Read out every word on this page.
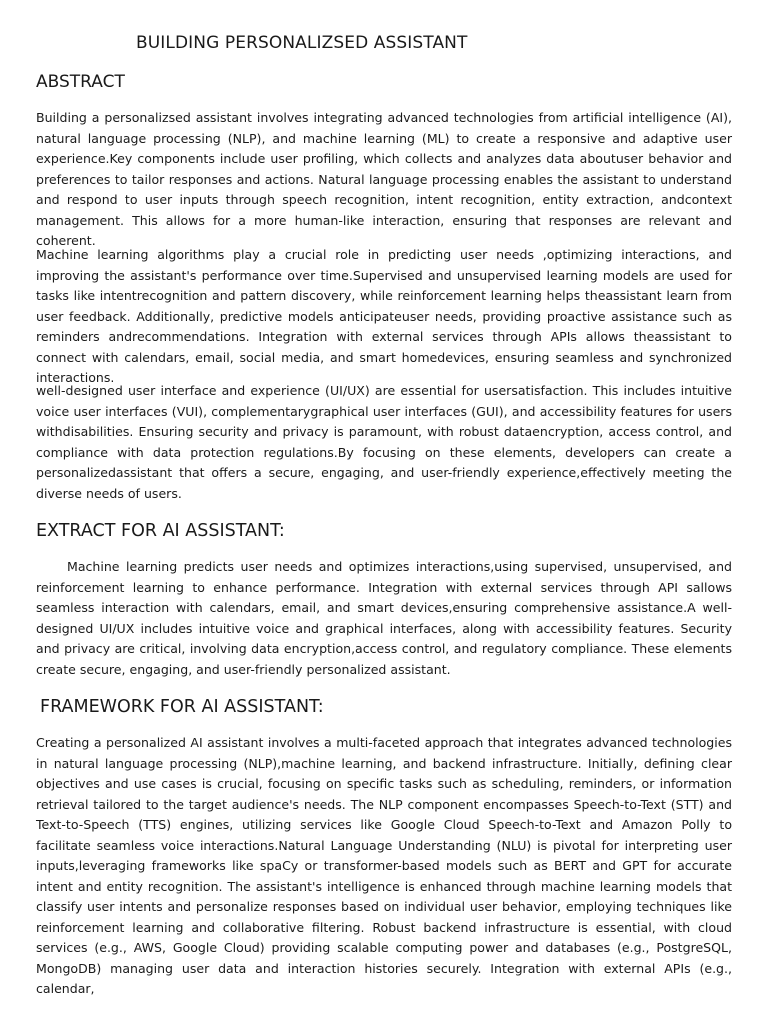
BUILDING PERSONALIZSED ASSISTANT
ABSTRACT

Building a personalizsed assistant involves integrating advanced technologies from artificial intelligence (AI), natural language processing (NLP), and machine learning (ML) to create a responsive and adaptive user experience.Key components include user profiling, which collects and analyzes data aboutuser behavior and preferences to tailor responses and actions. Natural language processing enables the assistant to understand and respond to user inputs through speech recognition, intent recognition, entity extraction, andcontext management. This allows for a more human-like interaction, ensuring that responses are relevant and coherent.

Machine learning algorithms play a crucial role in predicting user needs ,optimizing interactions, and improving the assistant's performance over time.Supervised and unsupervised learning models are used for tasks like intentrecognition and pattern discovery, while reinforcement learning helps theassistant learn from user feedback. Additionally, predictive models anticipateuser needs, providing proactive assistance such as reminders andrecommendations. Integration with external services through APIs allows theassistant to connect with calendars, email, social media, and smart homedevices, ensuring seamless and synchronized interactions.

well-designed user interface and experience (UI/UX) are essential for usersatisfaction. This includes intuitive voice user interfaces (VUI), complementarygraphical user interfaces (GUI), and accessibility features for users withdisabilities. Ensuring security and privacy is paramount, with robust dataencryption, access control, and compliance with data protection regulations.By focusing on these elements, developers can create a personalizedassistant that offers a secure, engaging, and user-friendly experience,effectively meeting the diverse needs of users.

EXTRACT FOR AI ASSISTANT:

Machine learning predicts user needs and optimizes interactions,using supervised, unsupervised, and reinforcement learning to enhance performance. Integration with external services through API sallows seamless interaction with calendars, email, and smart devices,ensuring comprehensive assistance.A well-designed UI/UX includes intuitive voice and graphical interfaces, along with accessibility features. Security and privacy are critical, involving data encryption,access control, and regulatory compliance. These elements create secure, engaging, and user-friendly personalized assistant.

FRAMEWORK FOR AI ASSISTANT:

Creating a personalized AI assistant involves a multi-faceted approach that integrates advanced technologies in natural language processing (NLP),machine learning, and backend infrastructure. Initially, defining clear objectives and use cases is crucial, focusing on specific tasks such as scheduling, reminders, or information retrieval tailored to the target audience's needs. The NLP component encompasses Speech-to-Text (STT) and Text-to-Speech (TTS) engines, utilizing services like Google Cloud Speech-to-Text and Amazon Polly to facilitate seamless voice interactions.Natural Language Understanding (NLU) is pivotal for interpreting user inputs,leveraging frameworks like spaCy or transformer-based models such as BERT and GPT for accurate intent and entity recognition. The assistant's intelligence is enhanced through machine learning models that classify user intents and personalize responses based on individual user behavior, employing techniques like reinforcement learning and collaborative filtering. Robust backend infrastructure is essential, with cloud services (e.g., AWS, Google Cloud) providing scalable computing power and databases (e.g., PostgreSQL, MongoDB) managing user data and interaction histories securely. Integration with external APIs (e.g., calendar,
